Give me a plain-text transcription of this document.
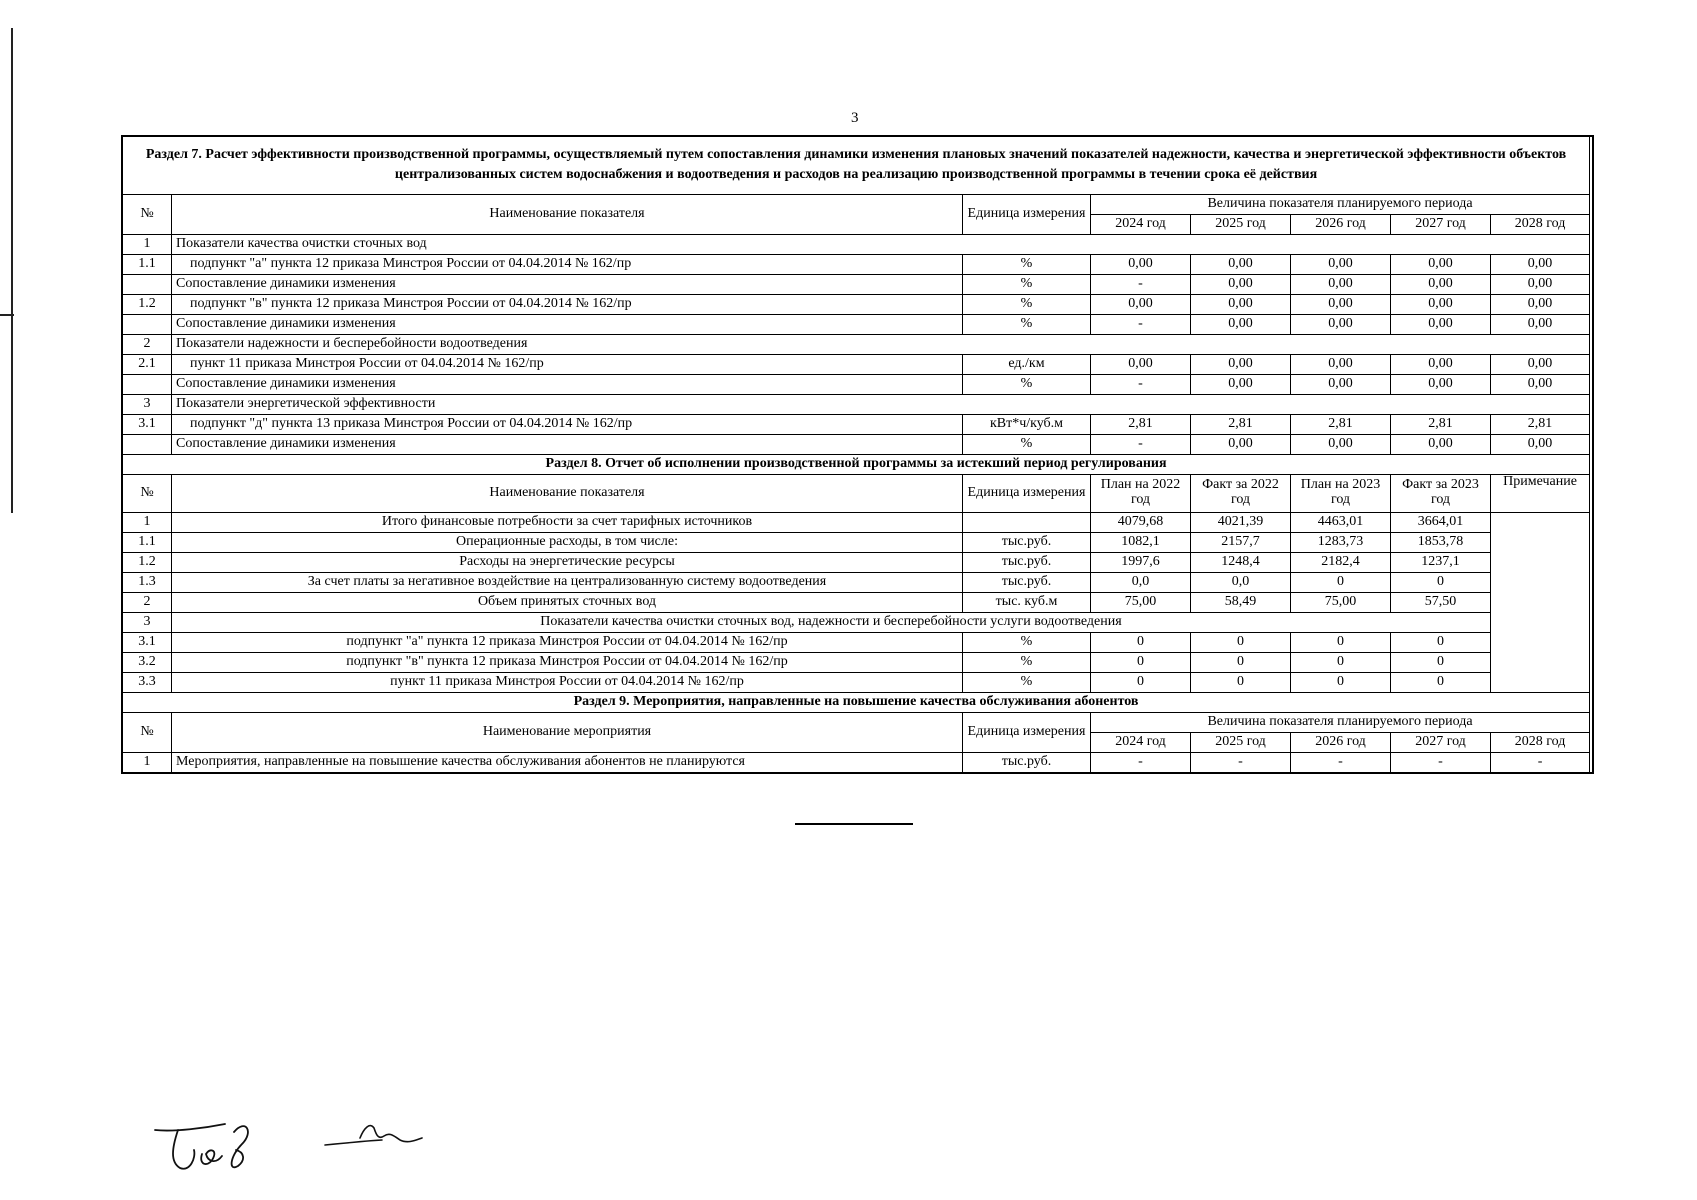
3
Раздел 7. Расчет эффективности производственной программы, осуществляемый путем сопоставления динамики изменения плановых значений показателей надежности, качества и энергетической эффективности объектов централизованных систем водоснабжения и водоотведения и расходов на реализацию производственной программы в течении срока её действия							
№	Наименование показателя	Единица измерения	Величина показателя планируемого периода				
			2024 год	2025 год	2026 год	2027 год	2028 год
1	Показатели качества очистки сточных вод						
1.1	подпункт "а" пункта 12 приказа Минстроя России от 04.04.2014 № 162/пр	%	0,00	0,00	0,00	0,00	0,00
	Сопоставление динамики изменения	%	-	0,00	0,00	0,00	0,00
1.2	подпункт "в" пункта 12 приказа Минстроя России от 04.04.2014 № 162/пр	%	0,00	0,00	0,00	0,00	0,00
	Сопоставление динамики изменения	%	-	0,00	0,00	0,00	0,00
2	Показатели надежности и бесперебойности водоотведения						
2.1	пункт 11 приказа Минстроя России от 04.04.2014 № 162/пр	ед./км	0,00	0,00	0,00	0,00	0,00
	Сопоставление динамики изменения	%	-	0,00	0,00	0,00	0,00
3	Показатели энергетической эффективности						
3.1	подпункт "д" пункта 13 приказа Минстроя России от 04.04.2014 № 162/пр	кВт*ч/куб.м	2,81	2,81	2,81	2,81	2,81
	Сопоставление динамики изменения	%	-	0,00	0,00	0,00	0,00
Раздел 8. Отчет об исполнении производственной программы за истекший период регулирования							
№	Наименование показателя	Единица измерения	План на 2022 год	Факт за 2022 год	План на 2023 год	Факт за 2023 год	Примечание
1	Итого финансовые потребности за счет тарифных источников		4079,68	4021,39	4463,01	3664,01	
1.1	Операционные расходы, в том числе:	тыс.руб.	1082,1	2157,7	1283,73	1853,78	
1.2	Расходы на энергетические ресурсы	тыс.руб.	1997,6	1248,4	2182,4	1237,1	
1.3	За счет платы за негативное воздействие на централизованную систему водоотведения	тыс.руб.	0,0	0,0	0	0	
2	Объем принятых сточных вод	тыс. куб.м	75,00	58,49	75,00	57,50	
3	Показатели качества очистки сточных вод, надежности и бесперебойности услуги водоотведения						
3.1	подпункт "а" пункта 12 приказа Минстроя России от 04.04.2014 № 162/пр	%	0	0	0	0	
3.2	подпункт "в" пункта 12 приказа Минстроя России от 04.04.2014 № 162/пр	%	0	0	0	0	
3.3	пункт 11 приказа Минстроя России от 04.04.2014 № 162/пр	%	0	0	0	0	
Раздел 9. Мероприятия, направленные на повышение качества обслуживания абонентов							
№	Наименование мероприятия	Единица измерения	Величина показателя планируемого периода				
			2024 год	2025 год	2026 год	2027 год	2028 год
1	Мероприятия, направленные на повышение качества обслуживания абонентов не планируются	тыс.руб.	-	-	-	-	-
